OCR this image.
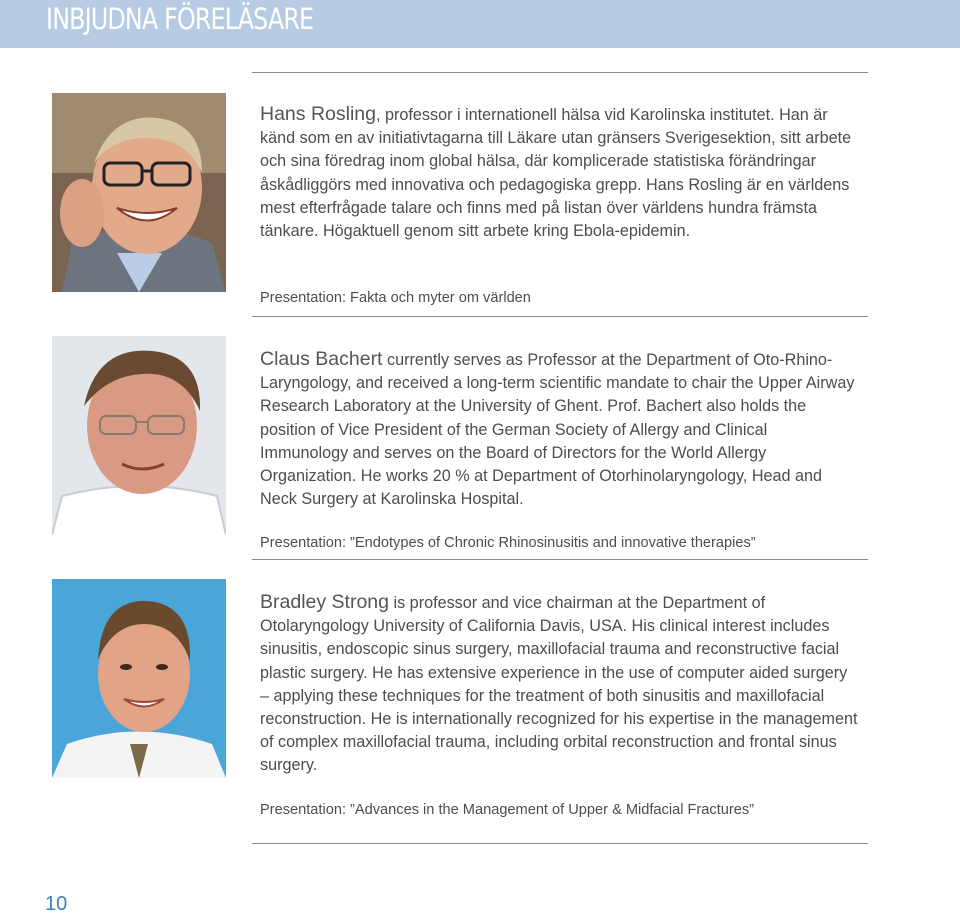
INBJUDNA FÖRELÄSARE
Hans Rosling, professor i internationell hälsa vid Karolinska institutet. Han är känd som en av initiativtagarna till Läkare utan gränsers Sverigesektion, sitt arbete och sina föredrag inom global hälsa, där komplicerade statistiska förändringar åskådliggörs med innovativa och pedagogiska grepp. Hans Rosling är en världens mest efterfrågade talare och finns med på listan över världens hundra främsta tänkare. Högaktuell genom sitt arbete kring Ebola-epidemin.
Presentation: Fakta och myter om världen
Claus Bachert currently serves as Professor at the Department of Oto-Rhino-Laryngology, and received a long-term scientific mandate to chair the Upper Airway Research Laboratory at the University of Ghent. Prof. Bachert also holds the position of Vice President of the German Society of Allergy and Clinical Immunology and serves on the Board of Directors for the World Allergy Organization. He works 20 % at Department of Otorhinolaryngology, Head and Neck Surgery at Karolinska Hospital.
Presentation: ”Endotypes of Chronic Rhinosinusitis and innovative therapies”
Bradley Strong is professor and vice chairman at the Department of Otolaryngology University of California Davis, USA. His clinical interest includes sinusitis, endoscopic sinus surgery, maxillofacial trauma and reconstructive facial plastic surgery. He has extensive experience in the use of computer aided surgery – applying these techniques for the treatment of both sinusitis and maxillofacial reconstruction. He is internationally recognized for his expertise in the management of complex maxillofacial trauma, including orbital reconstruction and frontal sinus surgery.
Presentation: ”Advances in the Management of Upper & Midfacial Fractures”
10
